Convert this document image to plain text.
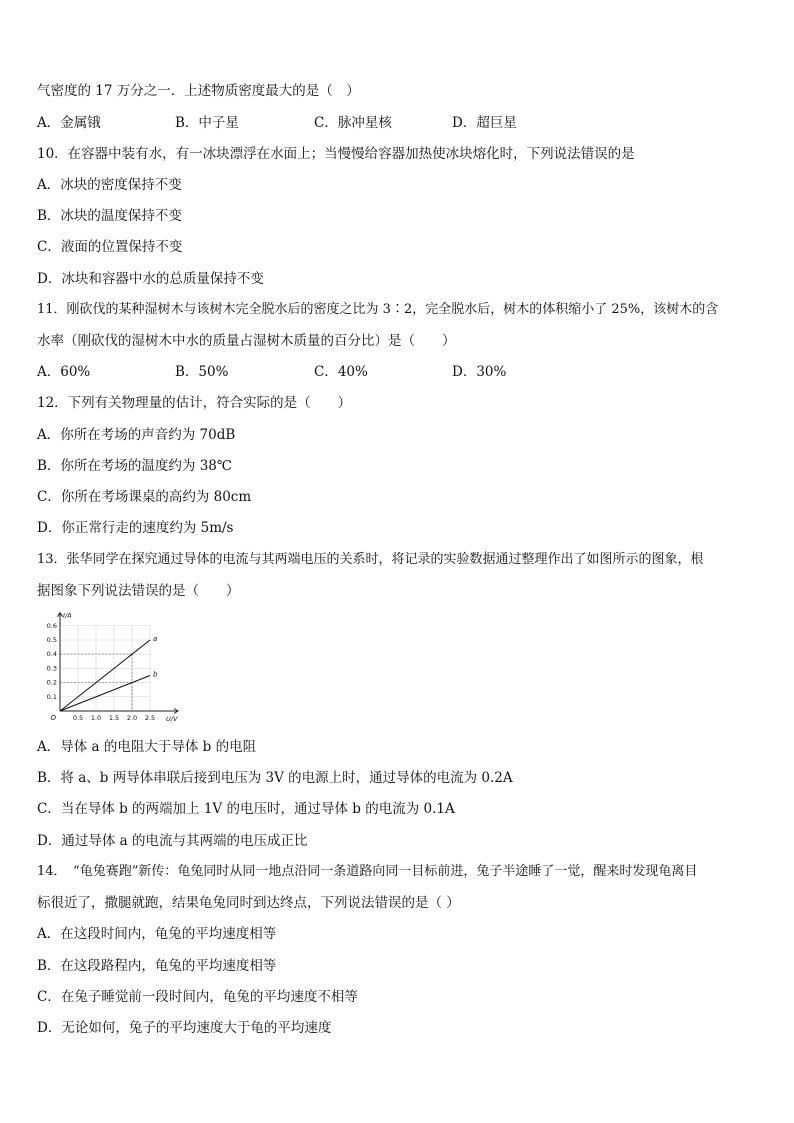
气密度的 17 万分之一．上述物质密度最大的是（　）
A．金属锇	B．中子星	C．脉冲星核	D．超巨星
10．在容器中装有水，有一冰块漂浮在水面上；当慢慢给容器加热使冰块熔化时，下列说法错误的是
A．冰块的密度保持不变
B．冰块的温度保持不变
C．液面的位置保持不变
D．冰块和容器中水的总质量保持不变
11．刚砍伐的某种湿树木与该树木完全脱水后的密度之比为 3∶2，完全脱水后，树木的体积缩小了 25%，该树木的含
水率（刚砍伐的湿树木中水的质量占湿树木质量的百分比）是（　　）
A．60%	B．50%	C．40%	D．30%
12．下列有关物理量的估计，符合实际的是（　　）
A．你所在考场的声音约为 70dB
B．你所在考场的温度约为 38℃
C．你所在考场课桌的高约为 80cm
D．你正常行走的速度约为 5m/s
13．张华同学在探究通过导体的电流与其两端电压的关系时，将记录的实验数据通过整理作出了如图所示的图象，根
据图象下列说法错误的是（　　）
a
b
0.5 1.0 1.5 2.0 2.5
0.1
0.2
0.3
0.4
0.5
0.6
O
I/A
U/V
A．导体 a 的电阻大于导体 b 的电阻
B．将 a、b 两导体串联后接到电压为 3V 的电源上时，通过导体的电流为 0.2A
C．当在导体 b 的两端加上 1V 的电压时，通过导体 b 的电流为 0.1A
D．通过导体 a 的电流与其两端的电压成正比
14．　“龟兔赛跑”新传：龟兔同时从同一地点沿同一条道路向同一目标前进，兔子半途睡了一觉，醒来时发现龟离目
标很近了，撒腿就跑，结果龟兔同时到达终点，下列说法错误的是（ ）
A．在这段时间内，龟兔的平均速度相等
B．在这段路程内，龟兔的平均速度相等
C．在兔子睡觉前一段时间内，龟兔的平均速度不相等
D．无论如何，兔子的平均速度大于龟的平均速度
